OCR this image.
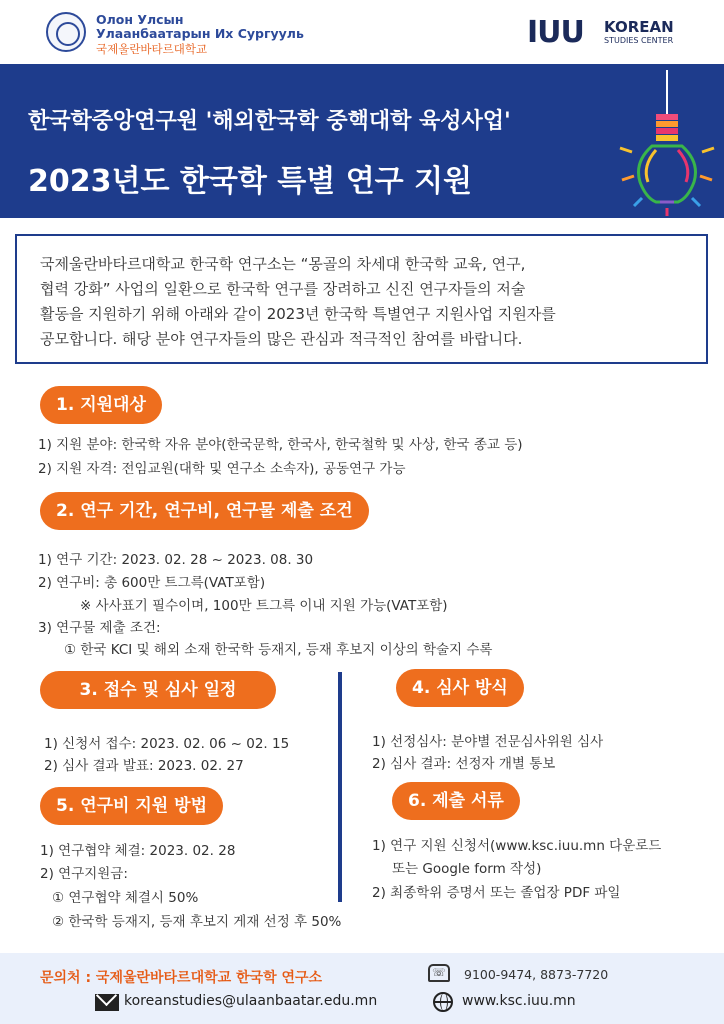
Олон Улсын
Улаанбаатарын Их Сургууль
국제울란바타르대학교	IUU KOREAN
STUDIES CENTER
한국학중앙연구원 '해외한국학 중핵대학 육성사업'
2023년도 한국학 특별 연구 지원
국제울란바타르대학교 한국학 연구소는 “몽골의 차세대 한국학 교육, 연구,
협력 강화” 사업의 일환으로 한국학 연구를 장려하고 신진 연구자들의 저술
활동을 지원하기 위해 아래와 같이 2023년 한국학 특별연구 지원사업 지원자를
공모합니다. 해당 분야 연구자들의 많은 관심과 적극적인 참여를 바랍니다.
1. 지원대상
1) 지원 분야: 한국학 자유 분야(한국문학, 한국사, 한국철학 및 사상, 한국 종교 등)
2) 지원 자격: 전임교원(대학 및 연구소 소속자), 공동연구 가능
2. 연구 기간, 연구비, 연구물 제출 조건
1) 연구 기간: 2023. 02. 28 ~ 2023. 08. 30
2) 연구비: 총 600만 트그륵(VAT포함)
※ 사사표기 필수이며, 100만 트그륵 이내 지원 가능(VAT포함)
3) 연구물 제출 조건:
① 한국 KCI 및 해외 소재 한국학 등재지, 등재 후보지 이상의 학술지 수록
3. 접수 및 심사 일정
1) 신청서 접수: 2023. 02. 06 ~ 02. 15
2) 심사 결과 발표: 2023. 02. 27
5. 연구비 지원 방법
1) 연구협약 체결: 2023. 02. 28
2) 연구지원금:
① 연구협약 체결시 50%
② 한국학 등재지, 등재 후보지 게재 선정 후 50%
4. 심사 방식
1) 선정심사: 분야별 전문심사위원 심사
2) 심사 결과: 선정자 개별 통보
6. 제출 서류
1) 연구 지원 신청서(www.ksc.iuu.mn 다운로드
또는 Google form 작성)
2) 최종학위 증명서 또는 졸업장 PDF 파일
문의처 : 국제울란바타르대학교 한국학 연구소	☏	9100-9474, 8873-7720
koreanstudies@ulaanbaatar.edu.mn	www.ksc.iuu.mn
